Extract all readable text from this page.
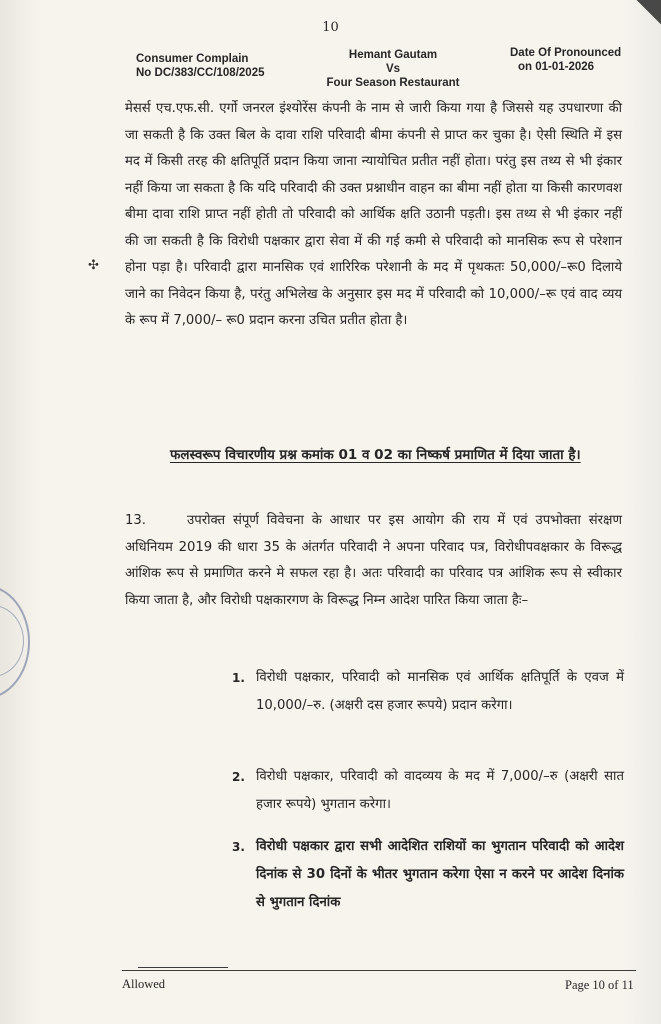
10
Consumer Complain
No DC/383/CC/108/2025
Hemant Gautam
Vs
Four Season Restaurant
Date Of Pronounced
on 01-01-2026
✣
मेसर्स एच.एफ.सी. एर्गो जनरल इंश्योरेंस कंपनी के नाम से जारी किया गया है जिससे यह उपधारणा की जा सकती है कि उक्त बिल के दावा राशि परिवादी बीमा कंपनी से प्राप्त कर चुका है। ऐसी स्थिति में इस मद में किसी तरह की क्षतिपूर्ति प्रदान किया जाना न्यायोचित प्रतीत नहीं होता। परंतु इस तथ्य से भी इंकार नहीं किया जा सकता है कि यदि परिवादी की उक्त प्रश्नाधीन वाहन का बीमा नहीं होता या किसी कारणवश बीमा दावा राशि प्राप्त नहीं होती तो परिवादी को आर्थिक क्षति उठानी पड़ती। इस तथ्य से भी इंकार नहीं की जा सकती है कि विरोधी पक्षकार द्वारा सेवा में की गई कमी से परिवादी को मानसिक रूप से परेशान होना पड़ा है। परिवादी द्वारा मानसिक एवं शारिरिक परेशानी के मद में पृथकतः 50,000/–रू0 दिलाये जाने का निवेदन किया है, परंतु अभिलेख के अनुसार इस मद में परिवादी को 10,000/–रू एवं वाद व्यय के रूप में 7,000/– रू0 प्रदान करना उचित प्रतीत होता है।
फलस्वरूप विचारणीय प्रश्न कमांक 01 व 02 का निष्कर्ष प्रमाणित में दिया जाता है।
13.	उपरोक्त संपूर्ण विवेचना के आधार पर इस आयोग की राय में एवं उपभोक्ता संरक्षण अधिनियम 2019 की धारा 35 के अंतर्गत परिवादी ने अपना परिवाद पत्र, विरोधीपवक्षकार के विरूद्ध आंशिक रूप से प्रमाणित करने मे सफल रहा है। अतः परिवादी का परिवाद पत्र आंशिक रूप से स्वीकार किया जाता है, और विरोधी पक्षकारगण के विरूद्ध निम्न आदेश पारित किया जाता हैः–
1. विरोधी पक्षकार, परिवादी को मानसिक एवं आर्थिक क्षतिपूर्ति के एवज में 10,000/–रु. (अक्षरी दस हजार रूपये) प्रदान करेगा।
2. विरोधी पक्षकार, परिवादी को वादव्यय के मद में 7,000/–रु (अक्षरी सात हजार रूपये) भुगतान करेगा।
3. विरोधी पक्षकार द्वारा सभी आदेशित राशियों का भुगतान परिवादी को आदेश दिनांक से 30 दिनों के भीतर भुगतान करेगा ऐसा न करने पर आदेश दिनांक से भुगतान दिनांक
Allowed	Page 10 of 11
